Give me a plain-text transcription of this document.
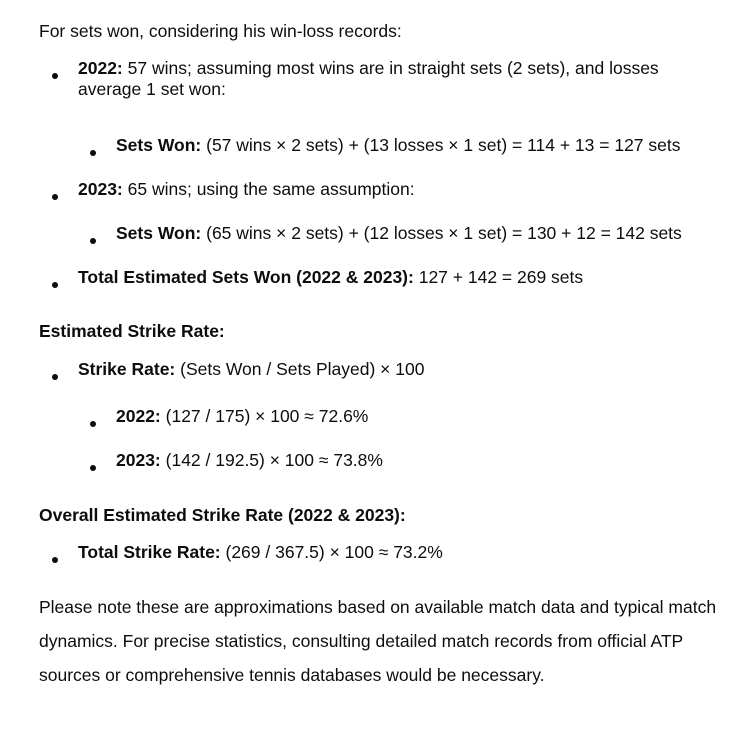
For sets won, considering his win-loss records:

2022: 57 wins; assuming most wins are in straight sets (2 sets), and losses average 1 set won:
Sets Won: (57 wins × 2 sets) + (13 losses × 1 set) = 114 + 13 = 127 sets
2023: 65 wins; using the same assumption:
Sets Won: (65 wins × 2 sets) + (12 losses × 1 set) = 130 + 12 = 142 sets
Total Estimated Sets Won (2022 & 2023): 127 + 142 = 269 sets

Estimated Strike Rate:

Strike Rate: (Sets Won / Sets Played) × 100
2022: (127 / 175) × 100 ≈ 72.6%
2023: (142 / 192.5) × 100 ≈ 73.8%

Overall Estimated Strike Rate (2022 & 2023):

Total Strike Rate: (269 / 367.5) × 100 ≈ 73.2%

Please note these are approximations based on available match data and typical match dynamics. For precise statistics, consulting detailed match records from official ATP sources or comprehensive tennis databases would be necessary.
